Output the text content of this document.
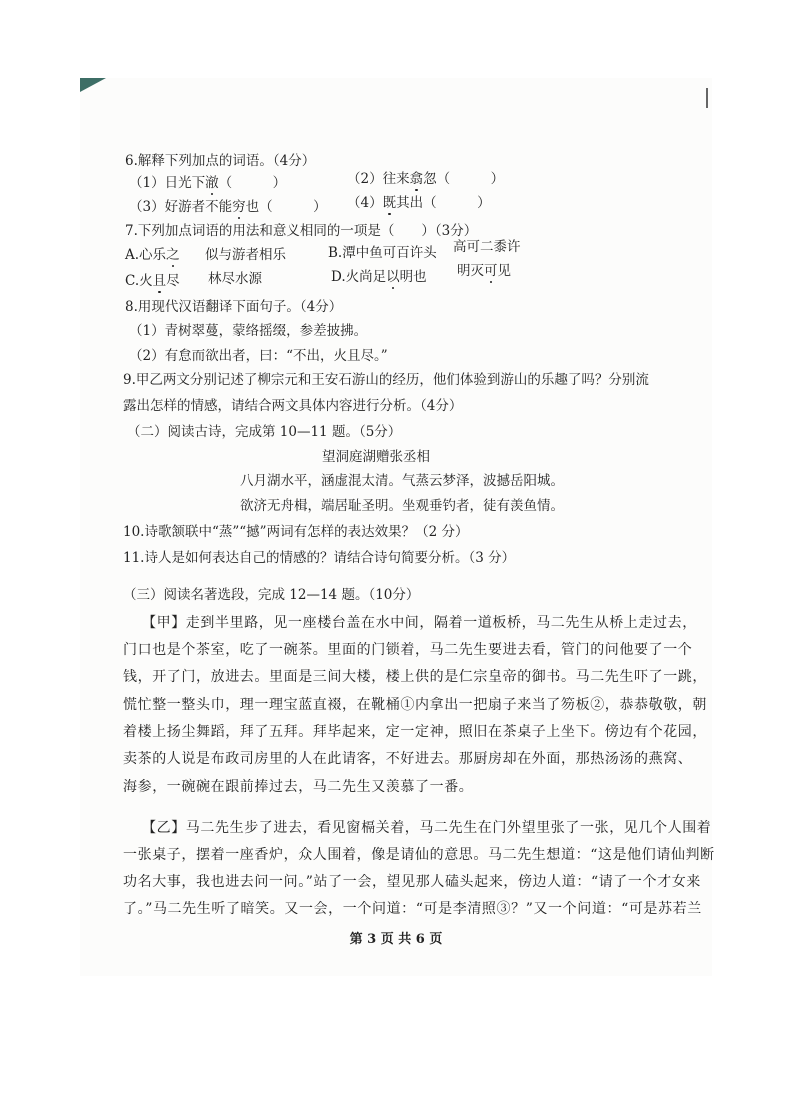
6.解释下列加点的词语。（4分）
（1）日光下澈（　　　）	（2）往来翕忽（　　　）
（3）好游者不能穷也（　　　） （4）既其出（　　　）
7.下列加点词语的用法和意义相同的一项是（　　）（3分）
A.心乐之 似与游者相乐	B.潭中鱼可百许头 高可二黍许
C.火且尽 林尽水源	D.火尚足以明也 明灭可见
8.用现代汉语翻译下面句子。（4分）
（1）青树翠蔓，蒙络摇缀，参差披拂。
（2）有怠而欲出者，曰：“不出，火且尽。”
9.甲乙两文分别记述了柳宗元和王安石游山的经历，他们体验到游山的乐趣了吗？分别流
露出怎样的情感，请结合两文具体内容进行分析。（4分）
（二）阅读古诗，完成第 10—11 题。（5分）
望洞庭湖赠张丞相
八月湖水平，涵虚混太清。气蒸云梦泽，波撼岳阳城。
欲济无舟楫，端居耻圣明。坐观垂钓者，徒有羡鱼情。
10.诗歌颔联中“蒸”“撼”两词有怎样的表达效果？（2 分）
11.诗人是如何表达自己的情感的？请结合诗句简要分析。（3 分）
（三）阅读名著选段，完成 12—14 题。（10分）
【甲】走到半里路，见一座楼台盖在水中间，隔着一道板桥，马二先生从桥上走过去，
门口也是个茶室，吃了一碗茶。里面的门锁着，马二先生要进去看，管门的问他要了一个
钱，开了门，放进去。里面是三间大楼，楼上供的是仁宗皇帝的御书。马二先生吓了一跳，
慌忙整一整头巾，理一理宝蓝直裰，在靴桶①内拿出一把扇子来当了笏板②，恭恭敬敬，朝
着楼上扬尘舞蹈，拜了五拜。拜毕起来，定一定神，照旧在茶桌子上坐下。傍边有个花园，
卖茶的人说是布政司房里的人在此请客，不好进去。那厨房却在外面，那热汤汤的燕窝、
海参，一碗碗在跟前捧过去，马二先生又羡慕了一番。
【乙】马二先生步了进去，看见窗槅关着，马二先生在门外望里张了一张，见几个人围着
一张桌子，摆着一座香炉，众人围着，像是请仙的意思。马二先生想道：“这是他们请仙判断
功名大事，我也进去问一问。”站了一会，望见那人磕头起来，傍边人道：“请了一个才女来
了。”马二先生听了暗笑。又一会，一个问道：“可是李清照③？”又一个问道：“可是苏若兰
第 3 页 共 6 页
